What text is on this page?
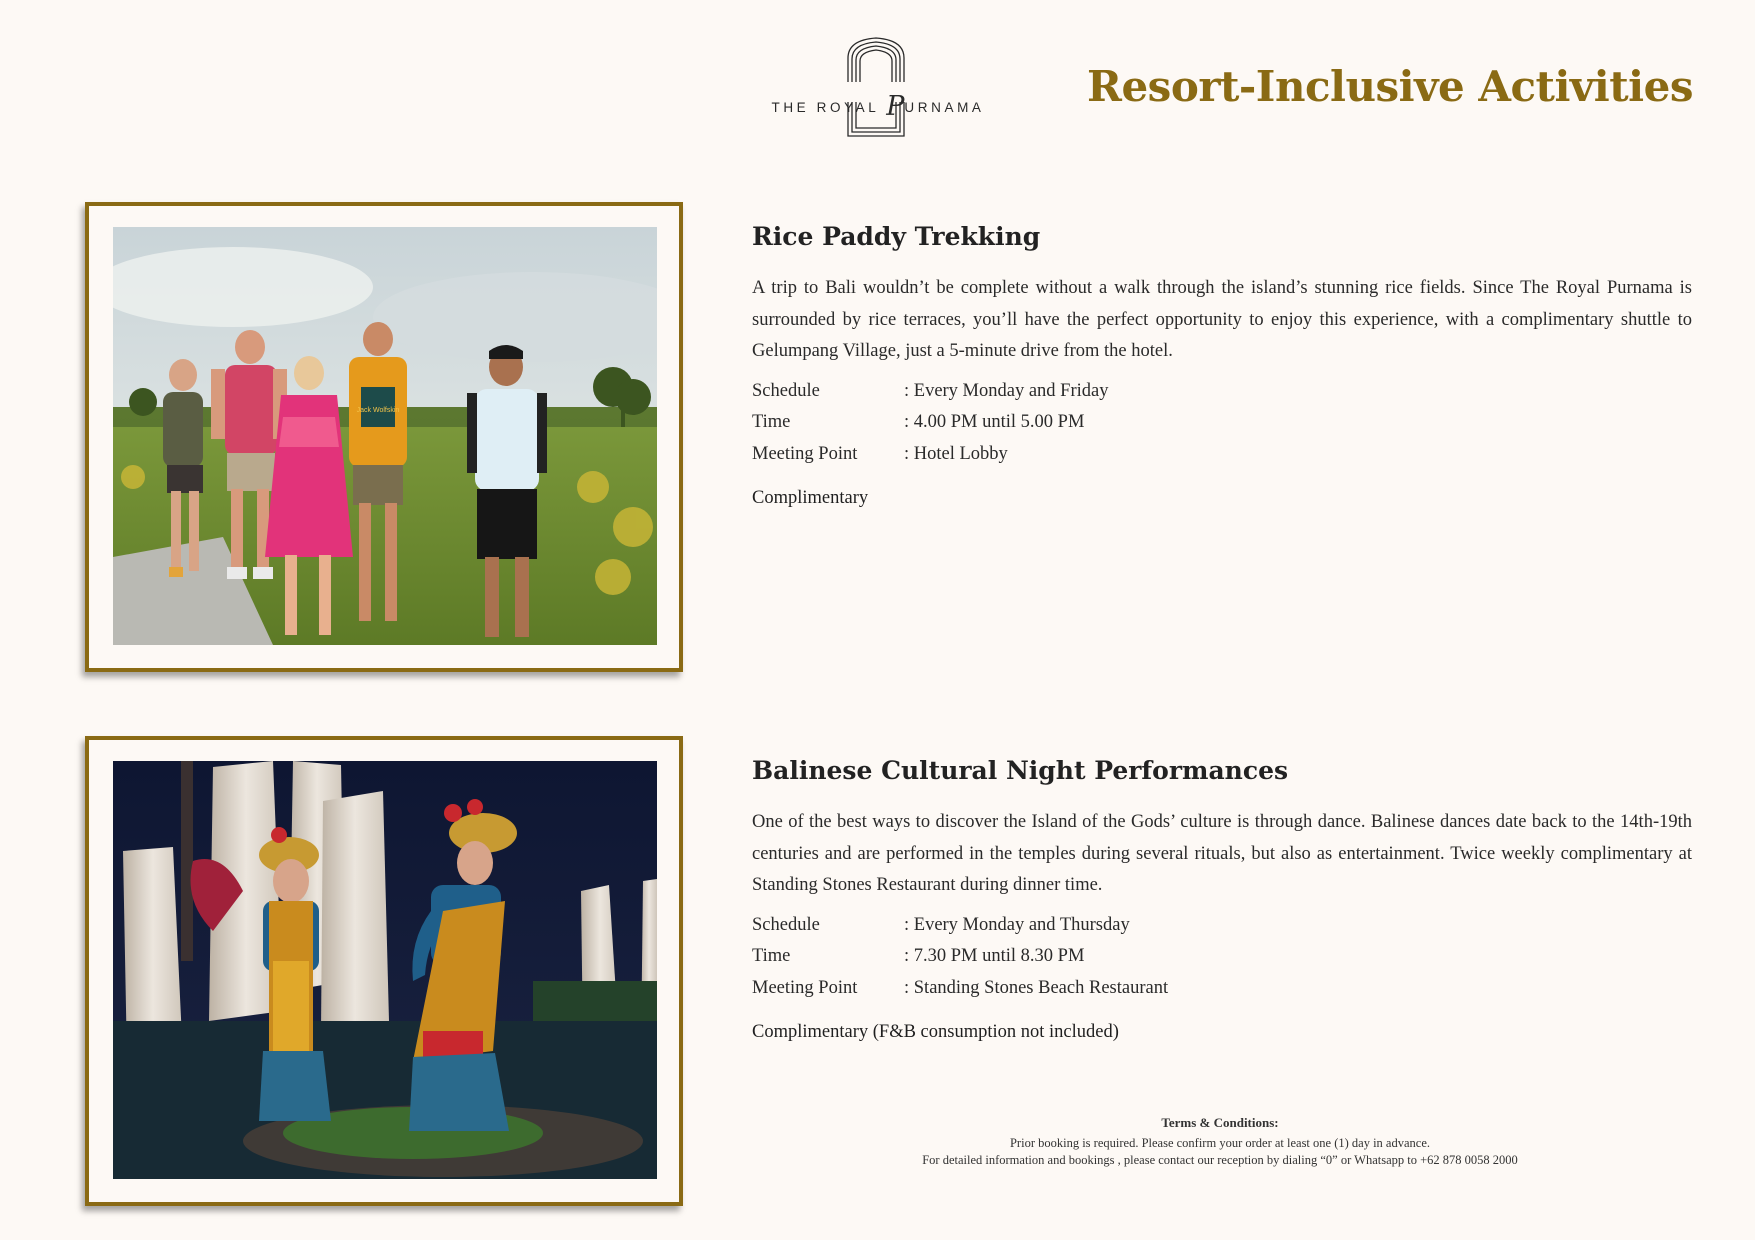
THE ROYAL PURNAMA Resort-Inclusive Activities
Jack Wolfskin
Rice Paddy Trekking

A trip to Bali wouldn’t be complete without a walk through the island’s stunning rice fields. Since The Royal Purnama is surrounded by rice terraces, you’ll have the perfect opportunity to enjoy this experience, with a complimentary shuttle to Gelumpang Village, just a 5-minute drive from the hotel.

Schedule	: Every Monday and Friday
Time	: 4.00 PM until 5.00 PM
Meeting Point	: Hotel Lobby
Complimentary
Balinese Cultural Night Performances

One of the best ways to discover the Island of the Gods’ culture is through dance. Balinese dances date back to the 14th-19th centuries and are performed in the temples during several rituals, but also as entertainment. Twice weekly complimentary at Standing Stones Restaurant during dinner time.

Schedule	: Every Monday and Thursday
Time	: 7.30 PM until 8.30 PM
Meeting Point	: Standing Stones Beach Restaurant
Complimentary (F&B consumption not included)
Terms & Conditions:
Prior booking is required. Please confirm your order at least one (1) day in advance.
For detailed information and bookings , please contact our reception by dialing “0” or Whatsapp to +62 878 0058 2000
